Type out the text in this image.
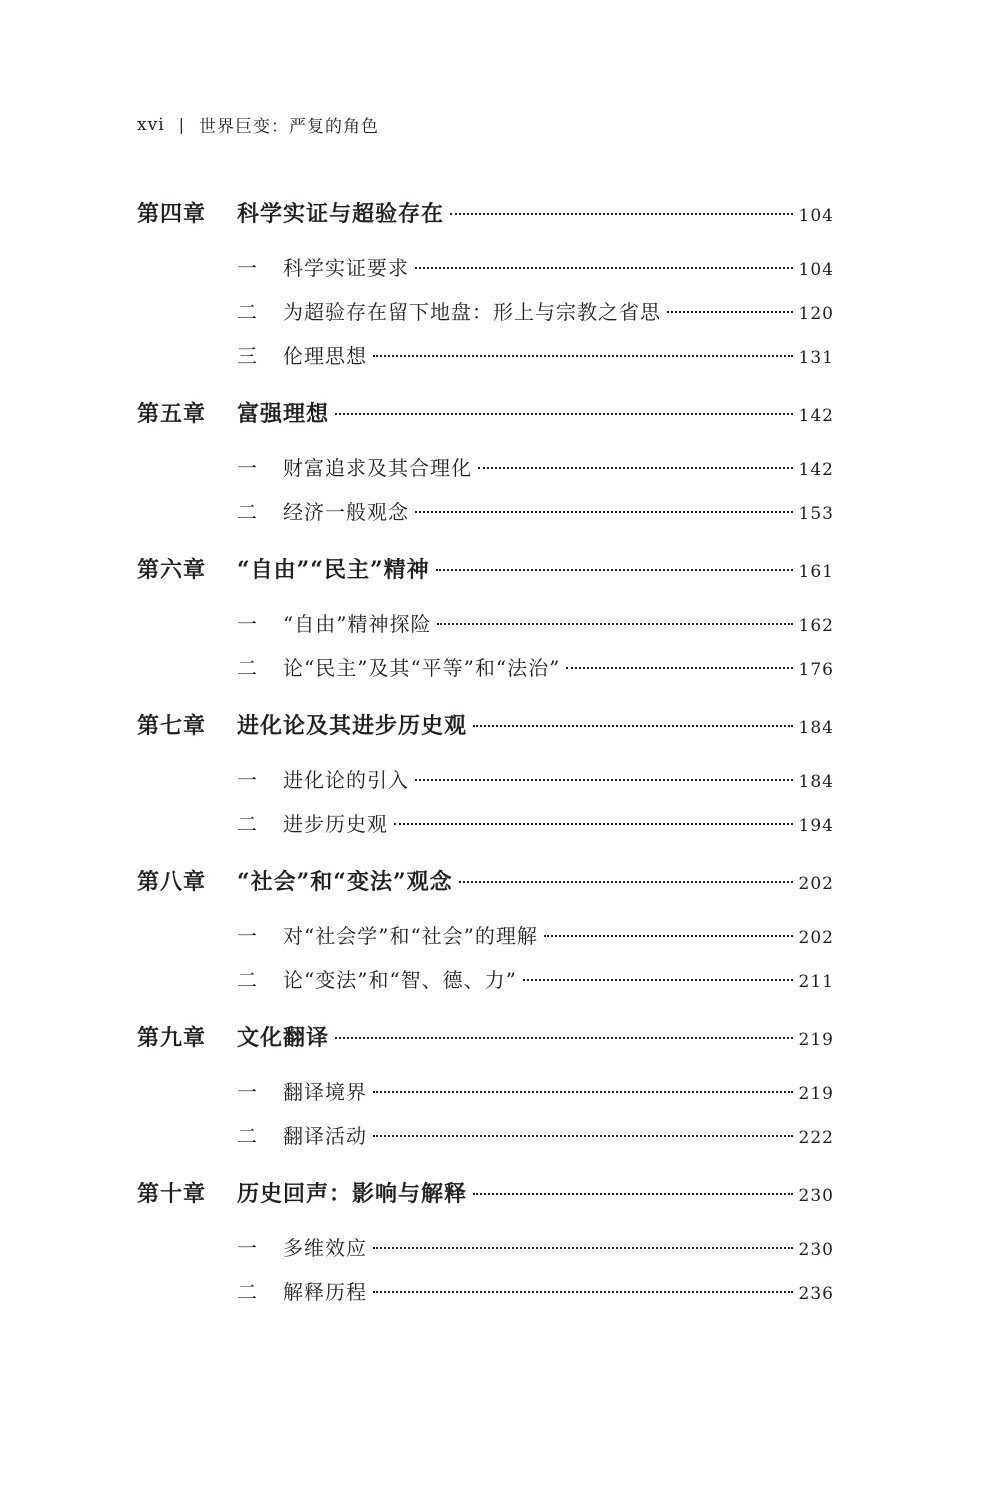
xvi | 世界巨变：严复的角色
第四章	科学实证与超验存在	104
一	科学实证要求	104
二	为超验存在留下地盘：形上与宗教之省思	120
三	伦理思想	131
第五章	富强理想	142
一	财富追求及其合理化	142
二	经济一般观念	153
第六章	“自由”“民主”精神	161
一	“自由”精神探险	162
二	论“民主”及其“平等”和“法治”	176
第七章	进化论及其进步历史观	184
一	进化论的引入	184
二	进步历史观	194
第八章	“社会”和“变法”观念	202
一	对“社会学”和“社会”的理解	202
二	论“变法”和“智、德、力”	211
第九章	文化翻译	219
一	翻译境界	219
二	翻译活动	222
第十章	历史回声：影响与解释	230
一	多维效应	230
二	解释历程	236
